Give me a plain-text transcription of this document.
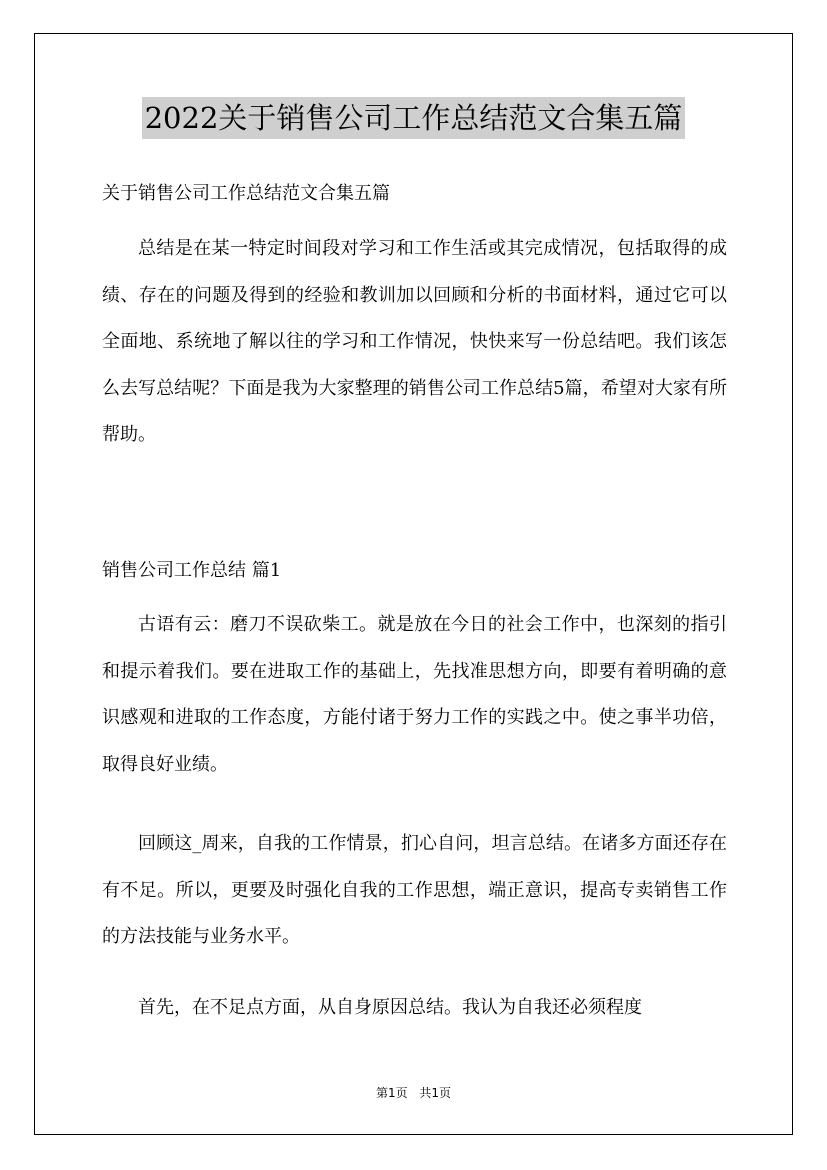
2022关于销售公司工作总结范文合集五篇

关于销售公司工作总结范文合集五篇

总结是在某一特定时间段对学习和工作生活或其完成情况，包括取得的成绩、存在的问题及得到的经验和教训加以回顾和分析的书面材料，通过它可以全面地、系统地了解以往的学习和工作情况，快快来写一份总结吧。我们该怎么去写总结呢？下面是我为大家整理的销售公司工作总结5篇，希望对大家有所帮助。

销售公司工作总结 篇1

古语有云：磨刀不误砍柴工。就是放在今日的社会工作中，也深刻的指引和提示着我们。要在进取工作的基础上，先找准思想方向，即要有着明确的意识感观和进取的工作态度，方能付诸于努力工作的实践之中。使之事半功倍，取得良好业绩。

回顾这_周来，自我的工作情景，扪心自问，坦言总结。在诸多方面还存在有不足。所以，更要及时强化自我的工作思想，端正意识，提高专卖销售工作的方法技能与业务水平。

首先，在不足点方面，从自身原因总结。我认为自我还必须程度

第1页 共1页
